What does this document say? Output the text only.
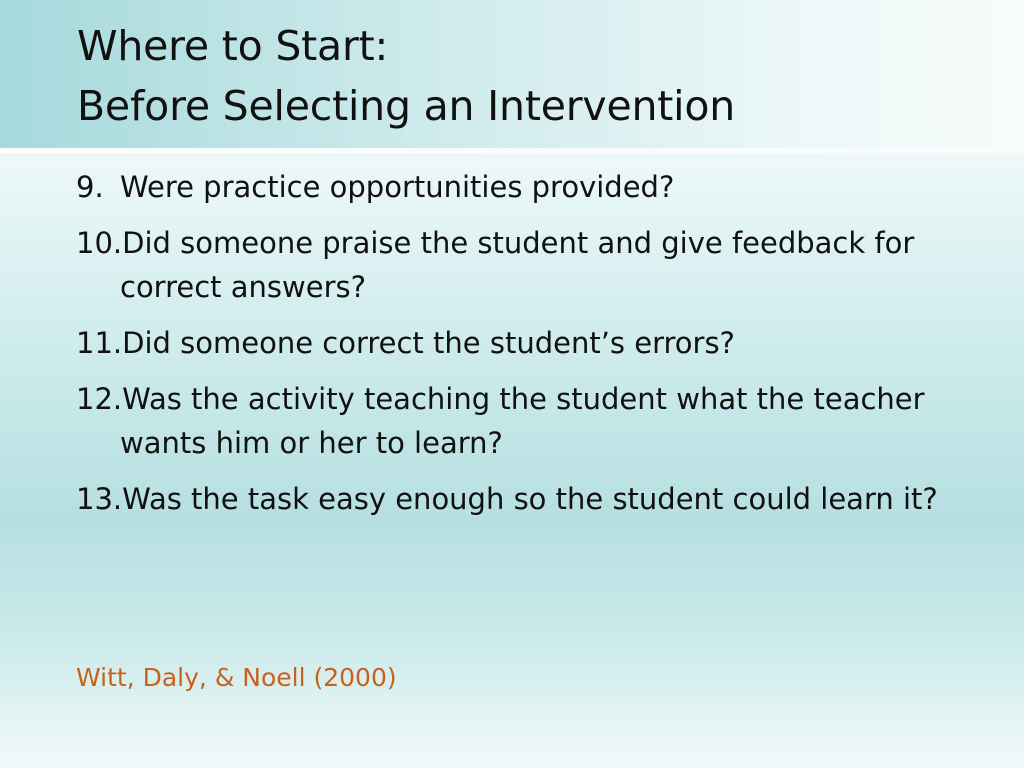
Where to Start:
Before Selecting an Intervention
9. Were practice opportunities provided?
10.Did someone praise the student and give feedback for correct answers?
11.Did someone correct the student’s errors?
12.Was the activity teaching the student what the teacher wants him or her to learn?
13.Was the task easy enough so the student could learn it?
Witt, Daly, & Noell (2000)
